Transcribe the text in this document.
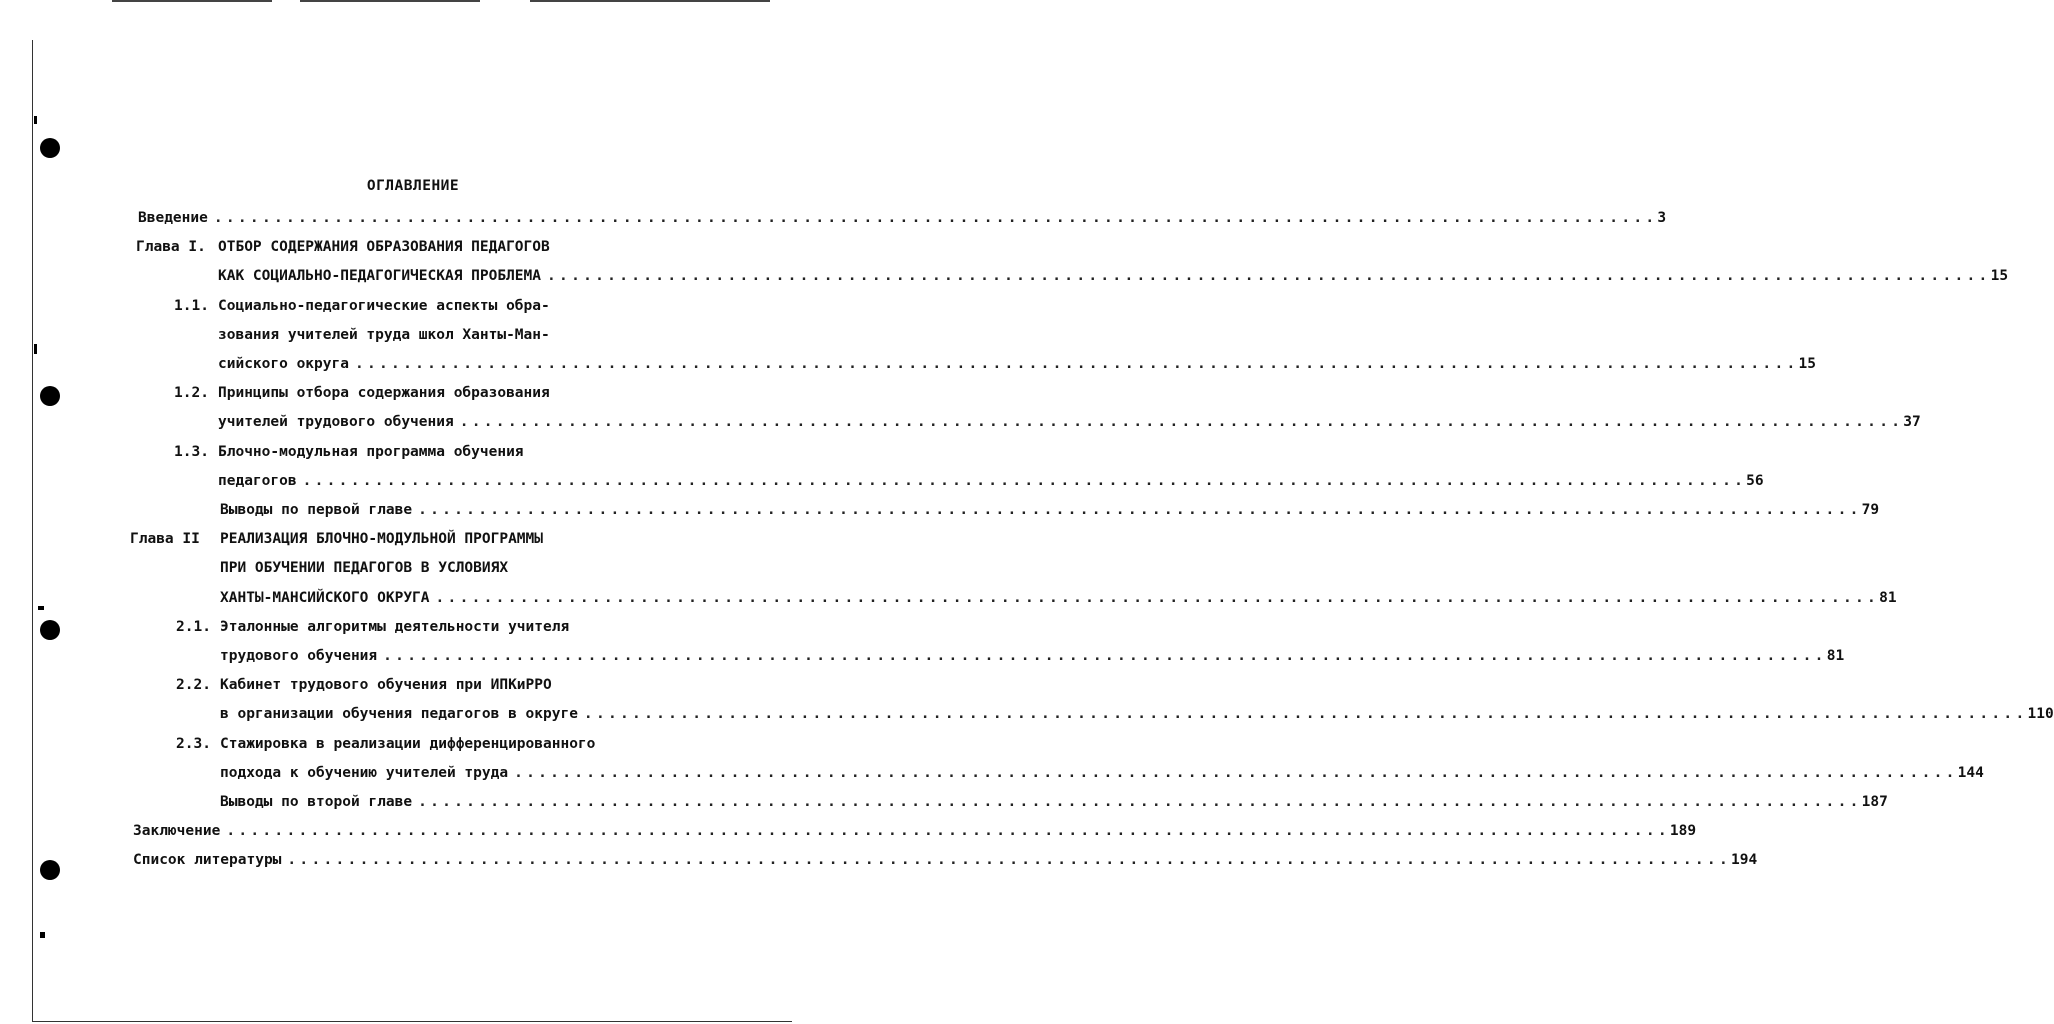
ОГЛАВЛЕНИЕ
Введение ........................................................................................................................ 3
Глава I. ОТБОР СОДЕРЖАНИЯ ОБРАЗОВАНИЯ ПЕДАГОГОВ
КАК СОЦИАЛЬНО-ПЕДАГОГИЧЕСКАЯ ПРОБЛЕМА ........................................................................................................................ 15
1.1. Социально-педагогические аспекты обра-
зования учителей труда школ Ханты-Ман-
сийского округа ........................................................................................................................ 15
1.2. Принципы отбора содержания образования
учителей трудового обучения ........................................................................................................................ 37
1.3. Блочно-модульная программа обучения
педагогов ........................................................................................................................ 56
Выводы по первой главе ........................................................................................................................ 79
Глава II РЕАЛИЗАЦИЯ БЛОЧНО-МОДУЛЬНОЙ ПРОГРАММЫ
ПРИ ОБУЧЕНИИ ПЕДАГОГОВ В УСЛОВИЯХ
ХАНТЫ-МАНСИЙСКОГО ОКРУГА ........................................................................................................................ 81
2.1. Эталонные алгоритмы деятельности учителя
трудового обучения ........................................................................................................................ 81
2.2. Кабинет трудового обучения при ИПКиРРО
в организации обучения педагогов в округе ........................................................................................................................ 110
2.3. Стажировка в реализации дифференцированного
подхода к обучению учителей труда ........................................................................................................................ 144
Выводы по второй главе ........................................................................................................................ 187
Заключение ........................................................................................................................ 189
Список литературы ........................................................................................................................ 194
